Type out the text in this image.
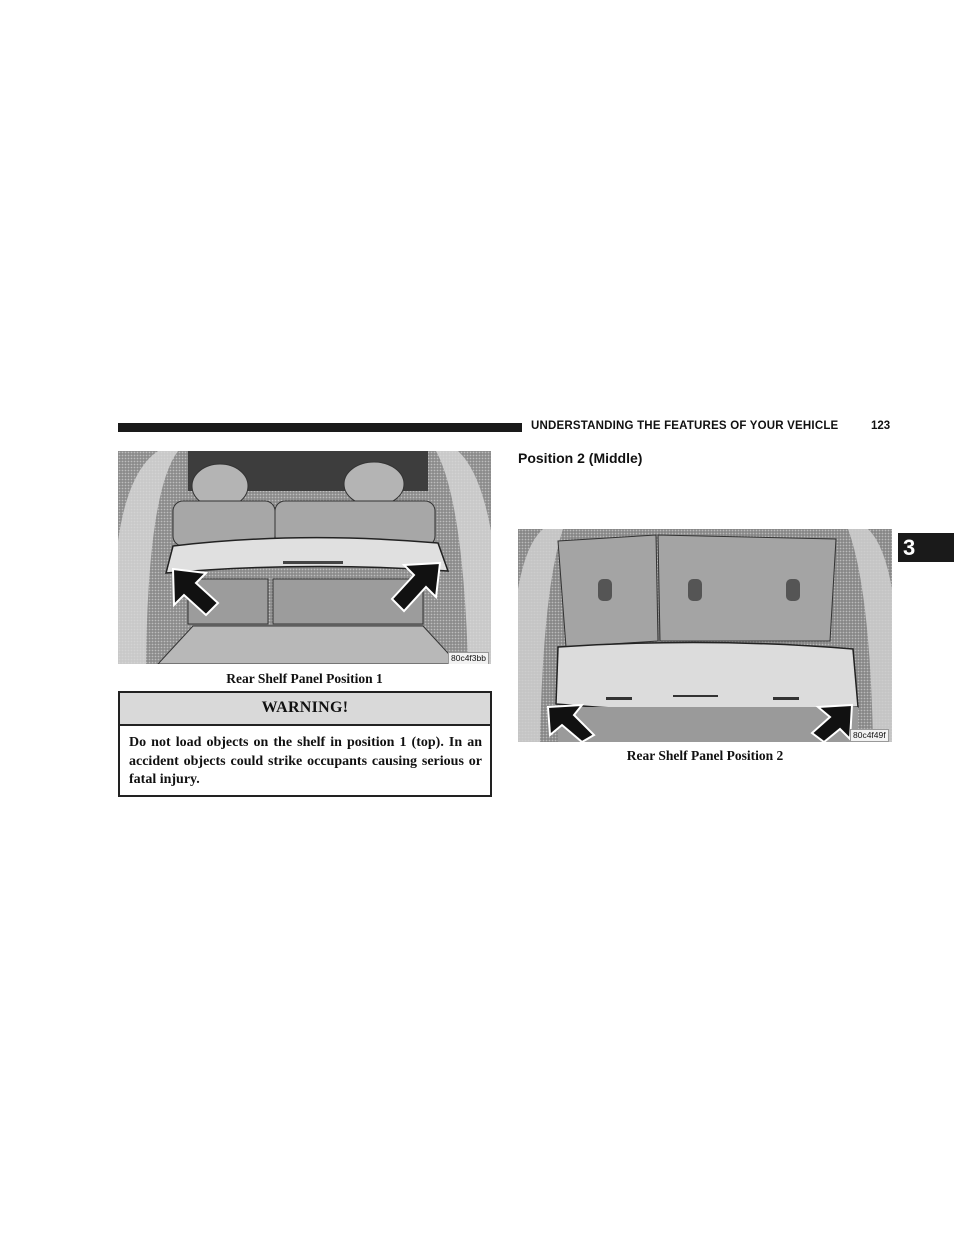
UNDERSTANDING THE FEATURES OF YOUR VEHICLE	123
3
80c4f3bb
Rear Shelf Panel Position 1
WARNING!
Do not load objects on the shelf in position 1 (top). In an accident objects could strike occupants causing serious or fatal injury.
Position 2 (Middle)
80c4f49f
Rear Shelf Panel Position 2
